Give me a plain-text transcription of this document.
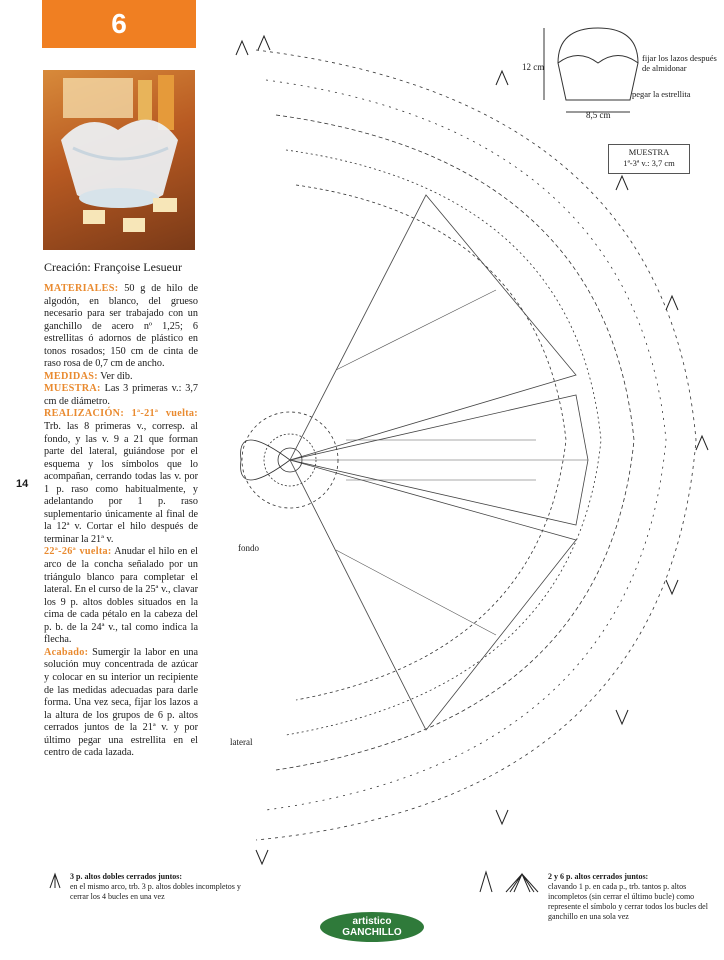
6
Creación: Françoise Lesueur

MATERIALES: 50 g de hilo de algodón, en blanco, del grueso necesario para ser trabajado con un ganchillo de acero nº 1,25; 6 estrellitas ó adornos de plástico en tonos rosados; 150 cm de cinta de raso rosa de 0,7 cm de ancho.

MEDIDAS: Ver dib.

MUESTRA: Las 3 primeras v.: 3,7 cm de diámetro.

REALIZACIÓN: 1ª-21ª vuelta: Trb. las 8 primeras v., corresp. al fondo, y las v. 9 a 21 que forman parte del lateral, guiándose por el esquema y los símbolos que lo acompañan, cerrando todas las v. por 1 p. raso como habitualmente, y adelantando por 1 p. raso suplementario únicamente al final de la 12ª v. Cortar el hilo después de terminar la 21ª v.

22ª-26ª vuelta: Anudar el hilo en el arco de la concha señalado por un triángulo blanco para completar el lateral. En el curso de la 25ª v., clavar los 9 p. altos dobles situados en la cima de cada pétalo en la cabeza del p. b. de la 24ª v., tal como indica la flecha.

Acabado: Sumergir la labor en una solución muy concentrada de azúcar y colocar en su interior un recipiente de las medidas adecuadas para darle forma. Una vez seca, fijar los lazos a la altura de los grupos de 6 p. altos cerrados juntos de la 21ª v. y por último pegar una estrellita en el centro de cada lazada.

14
12 cm
8,5 cm
fijar los lazos después de almidonar
pegar la estrellita
MUESTRA
1ª-3ª v.: 3,7 cm
fondo
lateral
3 p. altos dobles cerrados juntos:
en el mismo arco, trb. 3 p. altos dobles incompletos y cerrar los 4 bucles en una vez
2 y 6 p. altos cerrados juntos:
clavando 1 p. en cada p., trb. tantos p. altos incompletos (sin cerrar el último bucle) como represente el símbolo y cerrar todos los bucles del ganchillo en una sola vez
artistico
GANCHILLO
